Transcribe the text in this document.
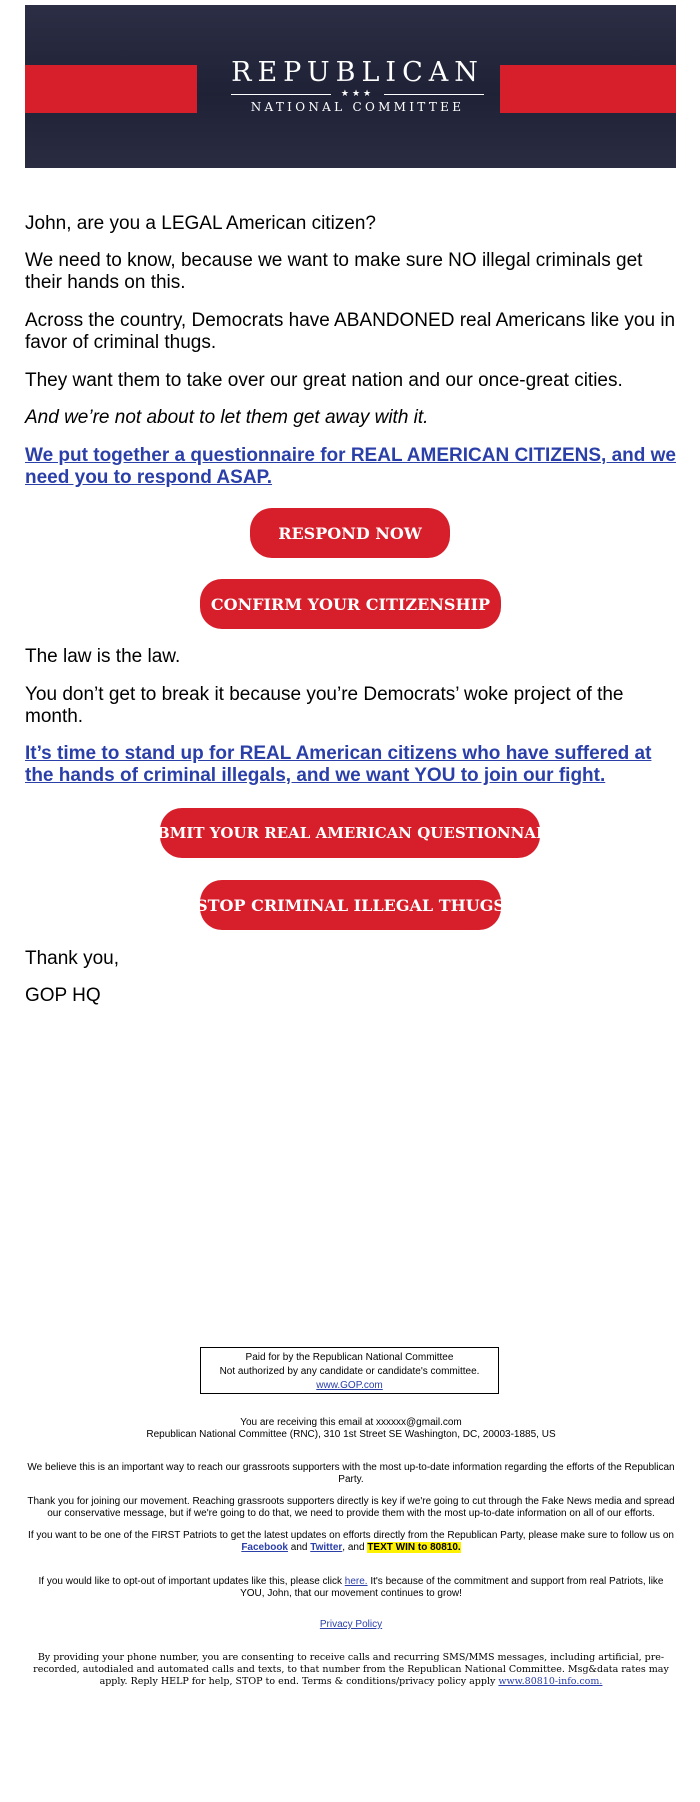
REPUBLICAN
★★★
NATIONAL COMMITTEE

John, are you a LEGAL American citizen?

We need to know, because we want to make sure NO illegal criminals get their hands on this.

Across the country, Democrats have ABANDONED real Americans like you in favor of criminal thugs.

They want them to take over our great nation and our once-great cities.

And we’re not about to let them get away with it.

We put together a questionnaire for REAL AMERICAN CITIZENS, and we need you to respond ASAP.

RESPOND NOW
CONFIRM YOUR CITIZENSHIP

The law is the law.

You don’t get to break it because you’re Democrats’ woke project of the month.

It’s time to stand up for REAL American citizens who have suffered at the hands of criminal illegals, and we want YOU to join our fight.

SUBMIT YOUR REAL AMERICAN QUESTIONNAIRE
STOP CRIMINAL ILLEGAL THUGS

Thank you,

GOP HQ

Paid for by the Republican National Committee
Not authorized by any candidate or candidate's committee.
www.GOP.com

You are receiving this email at xxxxxx@gmail.com

Republican National Committee (RNC), 310 1st Street SE Washington, DC, 20003-1885, US

We believe this is an important way to reach our grassroots supporters with the most up-to-date information regarding the efforts of the Republican Party.

Thank you for joining our movement. Reaching grassroots supporters directly is key if we're going to cut through the Fake News media and spread our conservative message, but if we're going to do that, we need to provide them with the most up-to-date information on all of our efforts.

If you want to be one of the FIRST Patriots to get the latest updates on efforts directly from the Republican Party, please make sure to follow us on Facebook and Twitter, and TEXT WIN to 80810.

If you would like to opt-out of important updates like this, please click here. It's because of the commitment and support from real Patriots, like YOU, John, that our movement continues to grow!

Privacy Policy

By providing your phone number, you are consenting to receive calls and recurring SMS/MMS messages, including artificial, pre-recorded, autodialed and automated calls and texts, to that number from the Republican National Committee. Msg&data rates may apply. Reply HELP for help, STOP to end. Terms & conditions/privacy policy apply www.80810-info.com.
